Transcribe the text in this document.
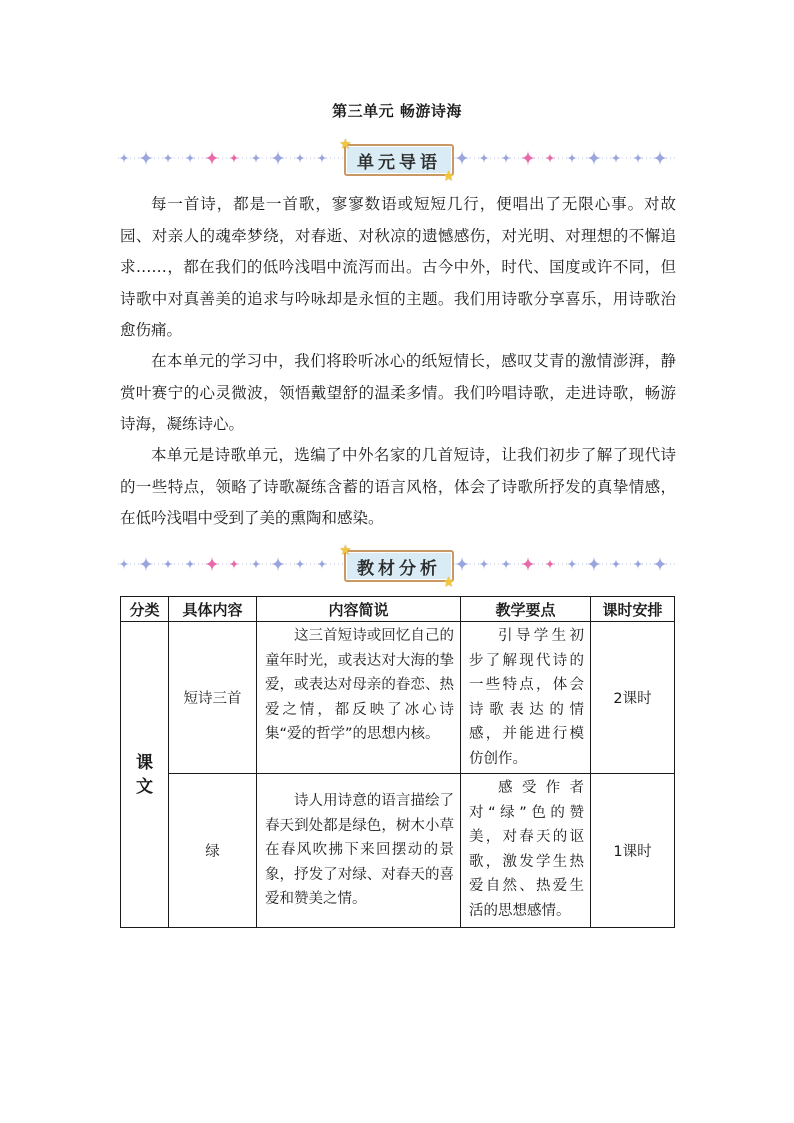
第三单元 畅游诗海
★
单元导语
★

每一首诗，都是一首歌，寥寥数语或短短几行，便唱出了无限心事。对故园、对亲人的魂牵梦绕，对春逝、对秋凉的遗憾感伤，对光明、对理想的不懈追求……，都在我们的低吟浅唱中流泻而出。古今中外，时代、国度或许不同，但诗歌中对真善美的追求与吟咏却是永恒的主题。我们用诗歌分享喜乐，用诗歌治愈伤痛。

在本单元的学习中，我们将聆听冰心的纸短情长，感叹艾青的激情澎湃，静赏叶赛宁的心灵微波，领悟戴望舒的温柔多情。我们吟唱诗歌，走进诗歌，畅游诗海，凝练诗心。

本单元是诗歌单元，选编了中外名家的几首短诗，让我们初步了解了现代诗的一些特点，领略了诗歌凝练含蓄的语言风格，体会了诗歌所抒发的真挚情感，在低吟浅唱中受到了美的熏陶和感染。

★
教材分析
★
分类	具体内容	内容简说	教学要点	课时安排
课文	短诗三首	这三首短诗或回忆自己的童年时光，或表达对大海的挚爱，或表达对母亲的眷恋、热爱之情，都反映了冰心诗集“爱的哲学”的思想内核。	引导学生初步了解现代诗的一些特点，体会诗歌表达的情感，并能进行模仿创作。	2课时
	绿	诗人用诗意的语言描绘了春天到处都是绿色，树木小草在春风吹拂下来回摆动的景象，抒发了对绿、对春天的喜爱和赞美之情。	感受作者对“绿”色的赞美，对春天的讴歌，激发学生热爱自然、热爱生活的思想感情。	1课时
